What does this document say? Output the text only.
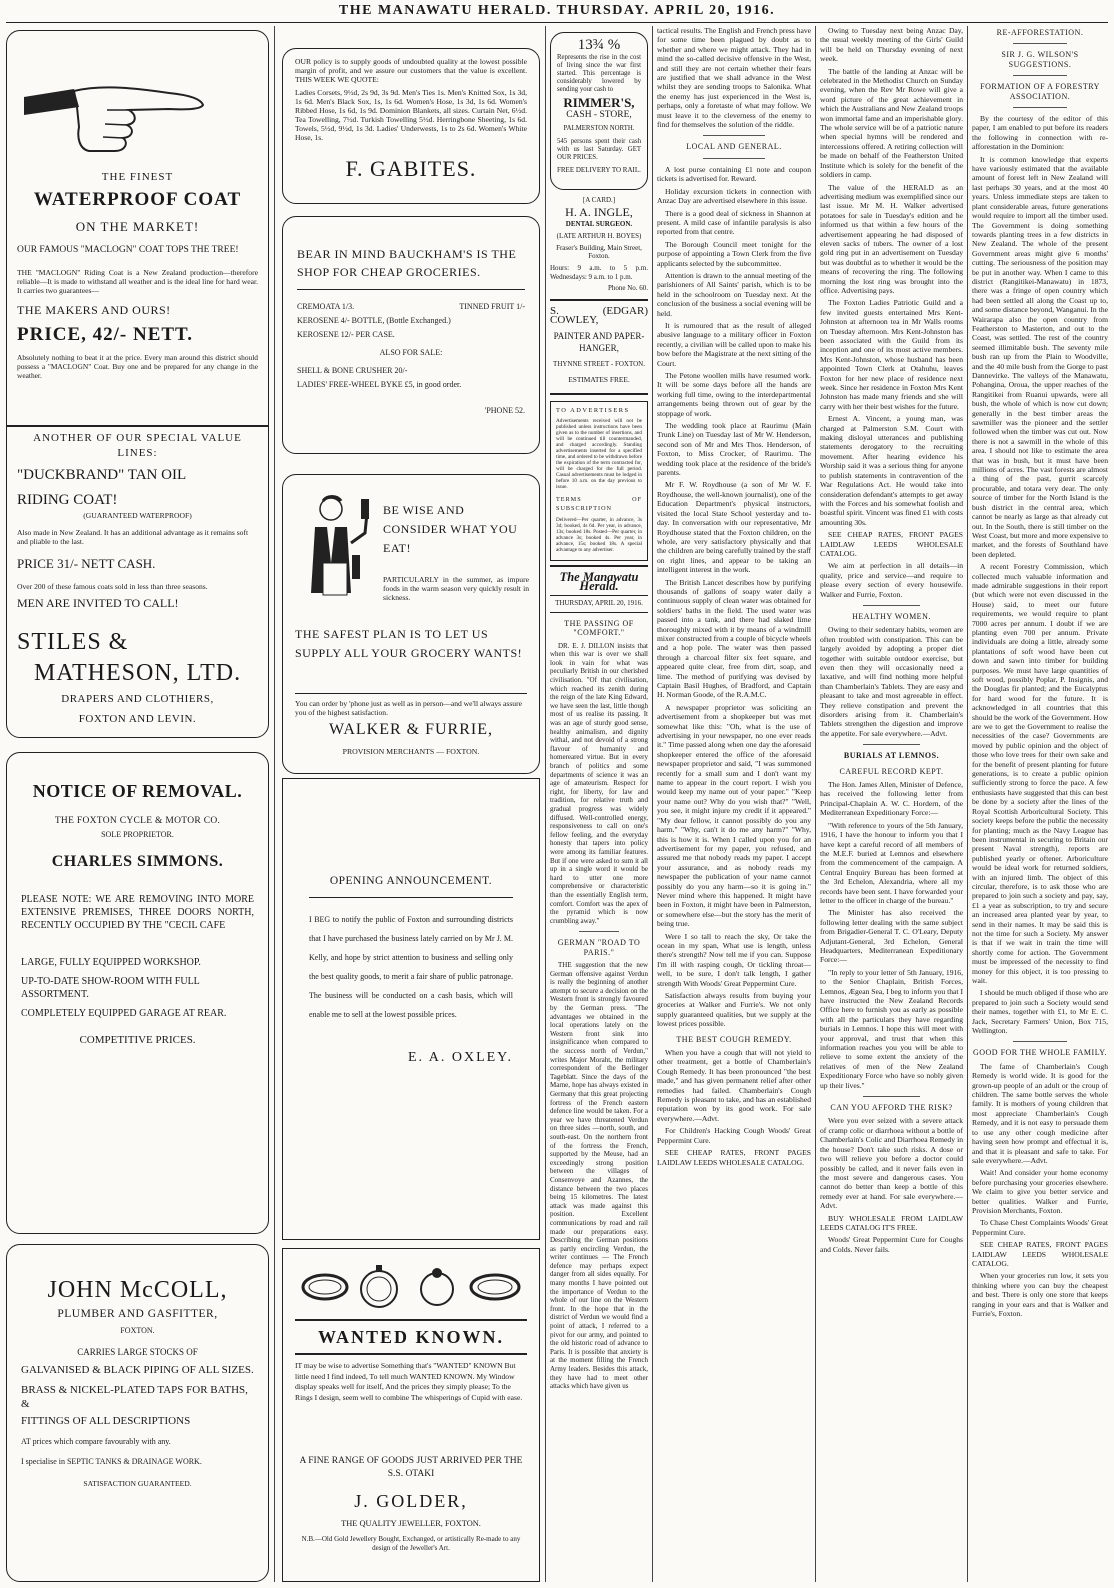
THE MANAWATU HERALD. THURSDAY. APRIL 20, 1916.
THE FINEST
WATERPROOF COAT
ON THE MARKET!
OUR FAMOUS "MACLOGN" COAT TOPS THE TREE!
THE "MACLOGN" Riding Coat is a New Zealand production—therefore reliable—It is made to withstand all weather and is the ideal line for hard wear. It carries two guarantees—
THE MAKERS AND OURS!
PRICE, 42/- NETT.
Absolutely nothing to beat it at the price. Every man around this district should possess a "MACLOGN" Coat. Buy one and be prepared for any change in the weather.
ANOTHER OF OUR SPECIAL VALUE LINES:
"DUCKBRAND" TAN OIL
RIDING COAT!
(GUARANTEED WATERPROOF)
Also made in New Zealand. It has an additional advantage as it remains soft and pliable to the last.
PRICE 31/- NETT CASH.
Over 200 of these famous coats sold in less than three seasons.
MEN ARE INVITED TO CALL!
STILES &
MATHESON, LTD.
DRAPERS AND CLOTHIERS,
FOXTON AND LEVIN.
NOTICE OF REMOVAL.
THE FOXTON CYCLE & MOTOR CO.
SOLE PROPRIETOR.
CHARLES SIMMONS.
PLEASE NOTE: WE ARE REMOVING INTO MORE EXTENSIVE PREMISES, THREE DOORS NORTH, RECENTLY OCCUPIED BY THE "CECIL CAFE
LARGE, FULLY EQUIPPED WORKSHOP.
UP-TO-DATE SHOW-ROOM WITH FULL ASSORTMENT.
COMPLETELY EQUIPPED GARAGE AT REAR.
COMPETITIVE PRICES.
JOHN McCOLL,
PLUMBER AND GASFITTER,
FOXTON.
CARRIES LARGE STOCKS OF
GALVANISED & BLACK PIPING OF ALL SIZES.
BRASS & NICKEL-PLATED TAPS FOR BATHS, &
FITTINGS OF ALL DESCRIPTIONS
AT prices which compare favourably with any.
I specialise in SEPTIC TANKS & DRAINAGE WORK.
SATISFACTION GUARANTEED.
OUR policy is to supply goods of undoubted quality at the lowest possible margin of profit, and we assure our customers that the value is excellent. THIS WEEK WE QUOTE:
Ladies Corsets, 9½d, 2s 9d, 3s 9d. Men's Ties 1s. Men's Knitted Sox, 1s 3d, 1s 6d. Men's Black Sox, 1s, 1s 6d. Women's Hose, 1s 3d, 1s 6d. Women's Ribbed Hose, 1s 6d, 1s 9d. Dominion Blankets, all sizes. Curtain Net, 6½d. Tea Towelling, 7½d. Turkish Towelling 5½d. Herringbone Sheeting, 1s 6d. Towels, 5½d, 9½d, 1s 3d. Ladies' Underwests, 1s to 2s 6d. Women's White Hose, 1s.
F. GABITES.
BEAR IN MIND BAUCKHAM'S IS THE SHOP FOR CHEAP GROCERIES.
CREMOATA 1/3.	TINNED FRUIT 1/-
KEROSENE 4/- BOTTLE, (Bottle Exchanged.)
KEROSENE 12/- PER CASE.
ALSO FOR SALE:
SHELL & BONE CRUSHER 20/-
LADIES' FREE-WHEEL BYKE £5, in good order.
'PHONE 52.
BE WISE AND CONSIDER WHAT YOU EAT!
PARTICULARLY in the summer, as impure foods in the warm season very quickly result in sickness.
THE SAFEST PLAN IS TO LET US SUPPLY ALL YOUR GROCERY WANTS!
You can order by 'phone just as well as in person—and we'll always assure you of the highest satisfaction.
WALKER & FURRIE,
PROVISION MERCHANTS — FOXTON.
OPENING ANNOUNCEMENT.
I BEG to notify the public of Foxton and surrounding districts that I have purchased the business lately carried on by Mr J. M. Kelly, and hope by strict attention to business and selling only the best quality goods, to merit a fair share of public patronage. The business will be conducted on a cash basis, which will enable me to sell at the lowest possible prices.
E. A. OXLEY.
WANTED KNOWN.
IT may be wise to advertise Something that's "WANTED" KNOWN But little need I find indeed, To tell much WANTED KNOWN. My Window display speaks well for itself, And the prices they simply please; To the Rings I design, seem well to combine The whisperings of Cupid with ease.
A FINE RANGE OF GOODS JUST ARRIVED PER THE S.S. OTAKI
J. GOLDER,
THE QUALITY JEWELLER, FOXTON.
N.B.—Old Gold Jewellery Bought, Exchanged, or artistically Re-made to any design of the Jeweller's Art.
13¾ %
Represents the rise in the cost of living since the war first started. This percentage is considerably lowered by sending your cash to
RIMMER'S,
CASH - STORE,
PALMERSTON NORTH.
545 persons spent their cash with us last Saturday. GET OUR PRICES.
FREE DELIVERY TO RAIL.
[A CARD.]
H. A. INGLE,
DENTAL SURGEON.
(LATE ARTHUR H. BOYES)
Fraser's Building, Main Street, Foxton.
Hours: 9 a.m. to 5 p.m. Wednesdays: 9 a.m. to 1 p.m.
Phone No. 60.
S. (EDGAR) COWLEY,
PAINTER AND PAPER-HANGER,
THYNNE STREET - FOXTON.
ESTIMATES FREE.
TO ADVERTISERS
Advertisements received will not be published unless instructions have been given as to the number of insertions, and will be continued till countermanded, and charged accordingly. Standing advertisements inserted for a specified time, and ordered to be withdrawn before the expiration of the term contracted for, will be charged for the full period. Casual advertisements must be lodged in before 10 a.m. on the day previous to issue.
TERMS OF SUBSCRIPTION
Delivered—Per quarter, in advance, 3s 3d; booked, 4s 6d. Per year, in advance, 13s; booked 18s. Posted—Per quarter, in advance 3s; booked 4s. Per year, in advance, 15s; booked 18s. A special advantage to any advertiser.
The Manawatu Herald.
THURSDAY, APRIL 20, 1916.
THE PASSING OF "COMFORT."

DR. E. J. DILLON insists that when this war is over we shall look in vain for what was peculiarly British in our cherished civilisation. "Of that civilisation, which reached its zenith during the reign of the late King Edward, we have seen the last, little though most of us realise its passing. It was an age of sturdy good sense, healthy animalism, and dignity withal, and not devoid of a strong flavour of humanity and homereared virtue. But in every branch of politics and some departments of science it was an age of amateurism. Respect for right, for liberty, for law and tradition, for relative truth and gradual progress was widely diffused. Well-controlled energy, responsiveness to call on one's fellow feeling, and the everyday honesty that tapers into policy were among its familiar features. But if one were asked to sum it all up in a single word it would be hard to utter one more comprehensive or characteristic than the essentially English term, comfort. Comfort was the apex of the pyramid which is now crumbling away."

GERMAN "ROAD TO PARIS."

THE suggestion that the new German offensive against Verdun is really the beginning of another attempt to secure a decision on the Western front is strongly favoured by the German press. "The advantages we obtained in the local operations lately on the Western front sink into insignificance when compared to the success north of Verdun," writes Major Moraht, the military correspondent of the Berlinger Tageblatt. Since the days of the Marne, hope has always existed in Germany that this great projecting fortress of the French eastern defence line would be taken. For a year we have threatened Verdun on three sides —north, south, and south-east. On the northern front of the fortress the French, supported by the Meuse, had an exceedingly strong position between the villages of Consenvoye and Azannes, the distance between the two places being 15 kilometres. The latest attack was made against this position. Excellent communications by road and rail made our preparations easy. Describing the German positions as partly encircling Verdun, the writer continues — The French defence may perhaps expect danger from all sides equally. For many months I have pointed out the importance of Verdun to the whole of our line on the Western front. In the hope that in the district of Verdun we would find a point of attack, I referred to a pivot for our army, and pointed to the old historic road of advance to Paris. It is possible that anxiety is at the moment filling the French Army leaders. Besides this attack, they have had to meet other attacks which have given us

tactical results. The English and French press have for some time been plagued by doubt as to whether and where we might attack. They had in mind the so-called decisive offensive in the West, and still they are not certain whether their fears are justified that we shall advance in the West whilst they are sending troops to Salonika. What the enemy has just experienced in the West is, perhaps, only a foretaste of what may follow. We must leave it to the cleverness of the enemy to find for themselves the solution of the riddle.

LOCAL AND GENERAL.

A lost purse containing £1 note and coupon tickets is advertised for. Reward.

Holiday excursion tickets in connection with Anzac Day are advertised elsewhere in this issue.

There is a good deal of sickness in Shannon at present. A mild case of infantile paralysis is also reported from that centre.

The Borough Council meet tonight for the purpose of appointing a Town Clerk from the five applicants selected by the subcommittee.

Attention is drawn to the annual meeting of the parishioners of All Saints' parish, which is to be held in the schoolroom on Tuesday next. At the conclusion of the business a social evening will be held.

It is rumoured that as the result of alleged abusive language to a military officer in Foxton recently, a civilian will be called upon to make his bow before the Magistrate at the next sitting of the Court.

The Petone woollen mills have resumed work. It will be some days before all the hands are working full time, owing to the interdepartmental arrangements being thrown out of gear by the stoppage of work.

The wedding took place at Raurimu (Main Trunk Line) on Tuesday last of Mr W. Henderson, second son of Mr and Mrs Thos. Henderson, of Foxton, to Miss Crocker, of Raurimu. The wedding took place at the residence of the bride's parents.

Mr F. W. Roydhouse (a son of Mr W. F. Roydhouse, the well-known journalist), one of the Education Department's physical instructors, visited the local State School yesterday and to-day. In conversation with our representative, Mr Roydhouse stated that the Foxton children, on the whole, are very satisfactory physically and that the children are being carefully trained by the staff on right lines, and appear to be taking an intelligent interest in the work.

The British Lancet describes how by purifying thousands of gallons of soapy water daily a continuous supply of clean water was obtained for soldiers' baths in the field. The used water was passed into a tank, and there had slaked lime thoroughly mixed with it by means of a windmill mixer constructed from a couple of bicycle wheels and a hop pole. The water was then passed through a charcoal filter six feet square, and appeared quite clear, free from dirt, soap, and lime. The method of purifying was devised by Captain Basil Hughes, of Bradford, and Captain H. Norman Goode, of the R.A.M.C.

A newspaper proprietor was soliciting an advertisement from a shopkeeper but was met somewhat like this: "Oh, what is the use of advertising in your newspaper, no one ever reads it." Time passed along when one day the aforesaid shopkeeper entered the office of the aforesaid newspaper proprietor and said, "I was summoned recently for a small sum and I don't want my name to appear in the court report. I wish you would keep my name out of your paper." "Keep your name out? Why do you wish that?" "Well, you see, it might injure my credit if it appeared." "My dear fellow, it cannot possibly do you any harm." "Why, can't it do me any harm?" "Why, this is how it is. When I called upon you for an advertisement for my paper, you refused, and assured me that nobody reads my paper. I accept your assurance, and as nobody reads my newspaper the publication of your name cannot possibly do you any harm—so it is going in." Never mind where this happened. It might have been in Foxton, it might have been in Palmerston, or somewhere else—but the story has the merit of being true.

Were I so tall to reach the sky, Or take the ocean in my span, What use is length, unless there's strength? Now tell me if you can. Suppose I'm ill with rasping cough, Or tickling throat—well, to be sure, I don't talk length, I gather strength With Woods' Great Peppermint Cure.

Satisfaction always results from buying your groceries at Walker and Furrie's. We not only supply guaranteed qualities, but we supply at the lowest prices possible.

THE BEST COUGH REMEDY.

When you have a cough that will not yield to other treatment, get a bottle of Chamberlain's Cough Remedy. It has been pronounced "the best made," and has given permanent relief after other remedies had failed. Chamberlain's Cough Remedy is pleasant to take, and has an established reputation won by its good work. For sale everywhere.—Advt.

For Children's Hacking Cough Woods' Great Peppermint Cure.

SEE CHEAP RATES, FRONT PAGES LAIDLAW LEEDS WHOLESALE CATALOG.

Owing to Tuesday next being Anzac Day, the usual weekly meeting of the Girls' Guild will be held on Thursday evening of next week.

The battle of the landing at Anzac will be celebrated in the Methodist Church on Sunday evening, when the Rev Mr Rowe will give a word picture of the great achievement in which the Australians and New Zealand troops won immortal fame and an imperishable glory. The whole service will be of a patriotic nature when special hymns will be rendered and intercessions offered. A retiring collection will be made on behalf of the Featherston United Institute which is solely for the benefit of the soldiers in camp.

The value of the HERALD as an advertising medium was exemplified since our last issue. Mr M. H. Walker advertised potatoes for sale in Tuesday's edition and he informed us that within a few hours of the advertisement appearing he had disposed of eleven sacks of tubers. The owner of a lost gold ring put in an advertisement on Tuesday but was doubtful as to whether it would be the means of recovering the ring. The following morning the lost ring was brought into the office. Advertising pays.

The Foxton Ladies Patriotic Guild and a few invited guests entertained Mrs Kent-Johnston at afternoon tea in Mr Walls rooms on Tuesday afternoon. Mrs Kent-Johnston has been associated with the Guild from its inception and one of its most active members. Mrs Kent-Johnston, whose husband has been appointed Town Clerk at Otahuhu, leaves Foxton for her new place of residence next week. Since her residence in Foxton Mrs Kent Johnston has made many friends and she will carry with her their best wishes for the future.

Ernest A. Vincent, a young man, was charged at Palmerston S.M. Court with making disloyal utterances and publishing statements derogatory to the recruiting movement. After hearing evidence his Worship said it was a serious thing for anyone to publish statements in contravention of the War Regulations Act. He would take into consideration defendant's attempts to get away with the Forces and his somewhat foolish and boastful spirit. Vincent was fined £1 with costs amounting 30s.

SEE CHEAP RATES, FRONT PAGES LAIDLAW LEEDS WHOLESALE CATALOG.

We aim at perfection in all details—in quality, price and service—and require to please every section of every housewife. Walker and Furrie, Foxton.

HEALTHY WOMEN.

Owing to their sedentary habits, women are often troubled with constipation. This can be largely avoided by adopting a proper diet together with suitable outdoor exercise, but even then they will occasionally need a laxative, and will find nothing more helpful than Chamberlain's Tablets. They are easy and pleasant to take and most agreeable in effect. They relieve constipation and prevent the disorders arising from it. Chamberlain's Tablets strengthen the digestion and improve the appetite. For sale everywhere.—Advt.

BURIALS AT LEMNOS.
CAREFUL RECORD KEPT.

The Hon. James Allen, Minister of Defence, has received the following letter from Principal-Chaplain A. W. C. Hordern, of the Mediterranean Expeditionary Force:—

"With reference to yours of the 5th January, 1916, I have the honour to inform you that I have kept a careful record of all members of the M.E.F. buried at Lemnos and elsewhere from the commencement of the campaign. A Central Enquiry Bureau has been formed at the 3rd Echelon, Alexandria, where all my records have been sent. I have forwarded your letter to the officer in charge of the bureau."

The Minister has also received the following letter dealing with the same subject from Brigadier-General T. C. O'Leary, Deputy Adjutant-General, 3rd Echelon, General Headquarters, Mediterranean Expeditionary Force:—

"In reply to your letter of 5th January, 1916, to the Senior Chaplain, British Forces, Lemnos, Ægean Sea, I beg to inform you that I have instructed the New Zealand Records Office here to furnish you as early as possible with all the particulars they have regarding burials in Lemnos. I hope this will meet with your approval, and trust that when this information reaches you you will be able to relieve to some extent the anxiety of the relatives of men of the New Zealand Expeditionary Force who have so nobly given up their lives."

CAN YOU AFFORD THE RISK?

Were you ever seized with a severe attack of cramp colic or diarrhoea without a bottle of Chamberlain's Colic and Diarrhoea Remedy in the house? Don't take such risks. A dose or two will relieve you before a doctor could possibly be called, and it never fails even in the most severe and dangerous cases. You cannot do better than keep a bottle of this remedy ever at hand. For sale everywhere.—Advt.

BUY WHOLESALE FROM LAIDLAW LEEDS CATALOG IT'S FREE.

Woods' Great Peppermint Cure for Coughs and Colds. Never fails.

RE-AFFORESTATION.
SIR J. G. WILSON'S SUGGESTIONS.
FORMATION OF A FORESTRY ASSOCIATION.

By the courtesy of the editor of this paper, I am enabled to put before its readers the following in connection with re-afforestation in the Dominion:

It is common knowledge that experts have variously estimated that the available amount of forest left in New Zealand will last perhaps 30 years, and at the most 40 years. Unless immediate steps are taken to plant considerable areas, future generations would require to import all the timber used. The Government is doing something towards planting trees in a few districts in New Zealand. The whole of the present Government areas might give 6 months' cutting. The seriousness of the position may be put in another way. When I came to this district (Rangitikei-Manawatu) in 1873, there was a fringe of open country which had been settled all along the Coast up to, and some distance beyond, Wanganui. In the Wairarapa also the open country from Featherston to Masterton, and out to the Coast, was settled. The rest of the country seemed illimitable bush. The seventy mile bush ran up from the Plain to Woodville, and the 40 mile bush from the Gorge to past Dannevirke. The valleys of the Manawatu, Pohangina, Oroua, the upper reaches of the Rangitikei from Ruanui upwards, were all bush, the whole of which is now cut down; generally in the best timber areas the sawmiller was the pioneer and the settler followed when the timber was cut out. Now there is not a sawmill in the whole of this area. I should not like to estimate the area that was in bush, but it must have been millions of acres. The vast forests are almost a thing of the past, gurrit scarcely procurable, and totara very dear. The only source of timber for the North Island is the bush district in the central area, which cannot be nearly as large as that already cut out. In the South, there is still timber on the West Coast, but more and more expensive to market, and the forests of Southland have been depleted.

A recent Forestry Commission, which collected much valuable information and made admirable suggestions in their report (but which were not even discussed in the House) said, to meet our future requirements, we would require to plant 7000 acres per annum. I doubt if we are planting even 700 per annum. Private individuals are doing a little, already some plantations of soft wood have been cut down and sawn into timber for building purposes. We must have large quantities of soft wood, possibly Poplar, P. Insignis, and the Douglas fir planted; and the Eucalyptus for hard wood for the future. It is acknowledged in all countries that this should be the work of the Government. How are we to get the Government to realise the necessities of the case? Governments are moved by public opinion and the object of those who love trees for their own sake and for the benefit of present planting for future generations, is to create a public opinion sufficiently strong to force the pace. A few enthusiasts have suggested that this can best be done by a society after the lines of the Royal Scottish Arboricultural Society. This society keeps before the public the necessity for planting; much as the Navy League has been instrumental in securing to Britain our present Naval strength), reports are published yearly or oftener. Arboriculture would be ideal work for returned soldiers, with an injured limb. The object of this circular, therefore, is to ask those who are prepared to join such a society and pay, say, £1 a year as subscription, to try and secure an increased area planted year by year, to send in their names. It may be said this is not the time for such a Society. My answer is that if we wait in train the time will shortly come for action. The Government must be impressed of the necessity to find money for this object, it is too pressing to wait.

I should be much obliged if those who are prepared to join such a Society would send their names, together with £1, to Mr E. C. Jack, Secretary Farmers' Union, Box 715, Wellington.

GOOD FOR THE WHOLE FAMILY.

The fame of Chamberlain's Cough Remedy is world wide. It is good for the grown-up people of an adult or the croup of children. The same bottle serves the whole family. It is mothers of young children that most appreciate Chamberlain's Cough Remedy, and it is not easy to persuade them to use any other cough medicine after having seen how prompt and effectual it is, and that it is pleasant and safe to take. For sale everywhere.—Advt.

Wait! And consider your home economy before purchasing your groceries elsewhere. We claim to give you better service and better qualities. Walker and Furrie, Provision Merchants, Foxton.

To Chase Chest Complaints Woods' Great Peppermint Cure.

SEE CHEAP RATES, FRONT PAGES LAIDLAW LEEDS WHOLESALE CATALOG.

When your groceries run low, it sets you thinking where you can buy the cheapest and best. There is only one store that keeps ranging in your ears and that is Walker and Furrie's, Foxton.
